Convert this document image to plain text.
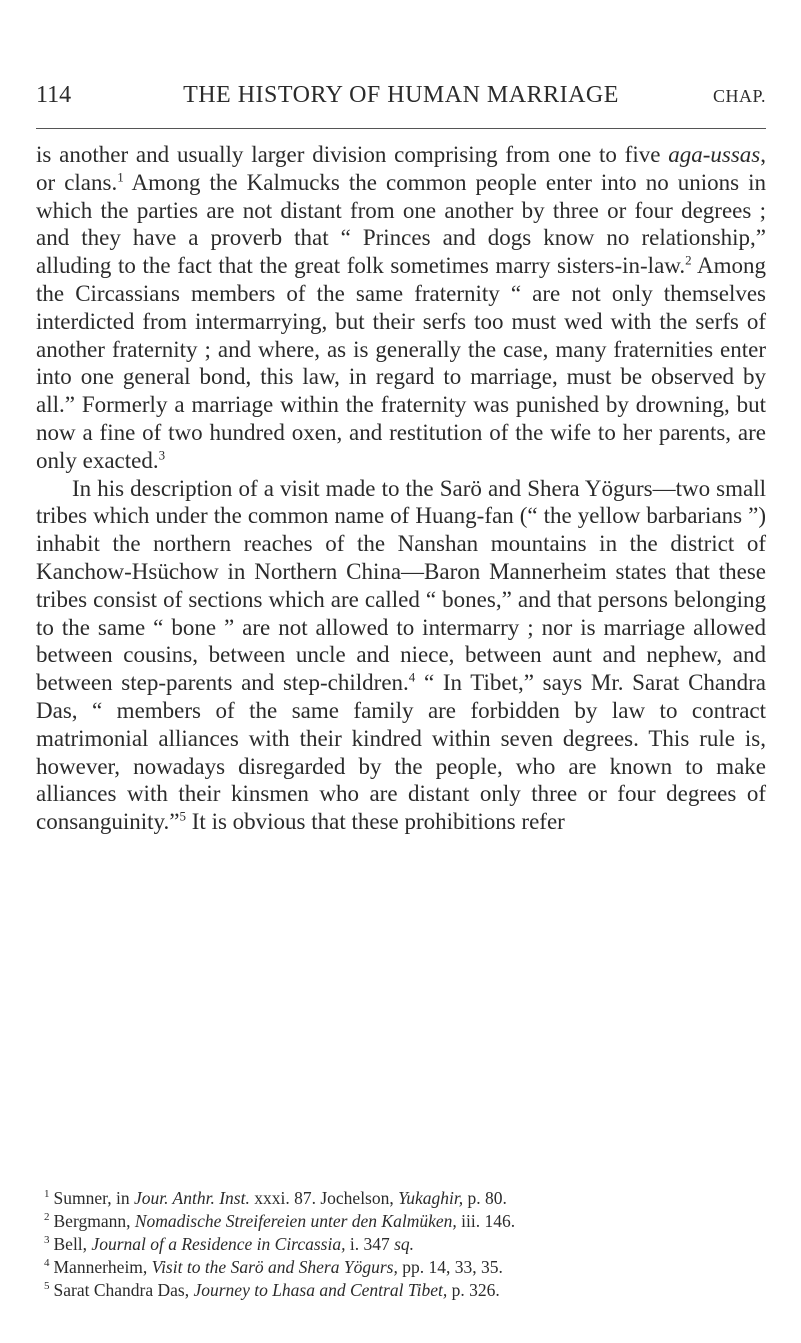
114	THE HISTORY OF HUMAN MARRIAGE	CHAP.

is another and usually larger division comprising from one to five aga-ussas, or clans.$^1$ Among the Kalmucks the common people enter into no unions in which the parties are not distant from one another by three or four degrees ; and they have a proverb that “ Princes and dogs know no relationship,” alluding to the fact that the great folk sometimes marry sisters-in-law.$^2$ Among the Circassians members of the same fraternity “ are not only themselves interdicted from intermarrying, but their serfs too must wed with the serfs of another fraternity ; and where, as is generally the case, many fraternities enter into one general bond, this law, in regard to marriage, must be observed by all.” Formerly a marriage within the fraternity was punished by drowning, but now a fine of two hundred oxen, and restitution of the wife to her parents, are only exacted.$^3$

In his description of a visit made to the Sarö and Shera Yögurs—two small tribes which under the common name of Huang-fan (“ the yellow barbarians ”) inhabit the northern reaches of the Nanshan mountains in the district of Kanchow-Hsüchow in Northern China—Baron Mannerheim states that these tribes consist of sections which are called “ bones,” and that persons belonging to the same “ bone ” are not allowed to intermarry ; nor is marriage allowed between cousins, between uncle and niece, between aunt and nephew, and between step-parents and step-children.$^4$ “ In Tibet,” says Mr. Sarat Chandra Das, “ members of the same family are forbidden by law to contract matrimonial alliances with their kindred within seven degrees. This rule is, however, nowadays disregarded by the people, who are known to make alliances with their kinsmen who are distant only three or four degrees of consanguinity.”$^5$ It is obvious that these prohibitions refer

$^1$ Sumner, in Jour. Anthr. Inst. xxxi. 87. Jochelson, Yukaghir, p. 80.

$^2$ Bergmann, Nomadische Streifereien unter den Kalmüken, iii. 146.

$^3$ Bell, Journal of a Residence in Circassia, i. 347 sq.

$^4$ Mannerheim, Visit to the Sarö and Shera Yögurs, pp. 14, 33, 35.

$^5$ Sarat Chandra Das, Journey to Lhasa and Central Tibet, p. 326.
